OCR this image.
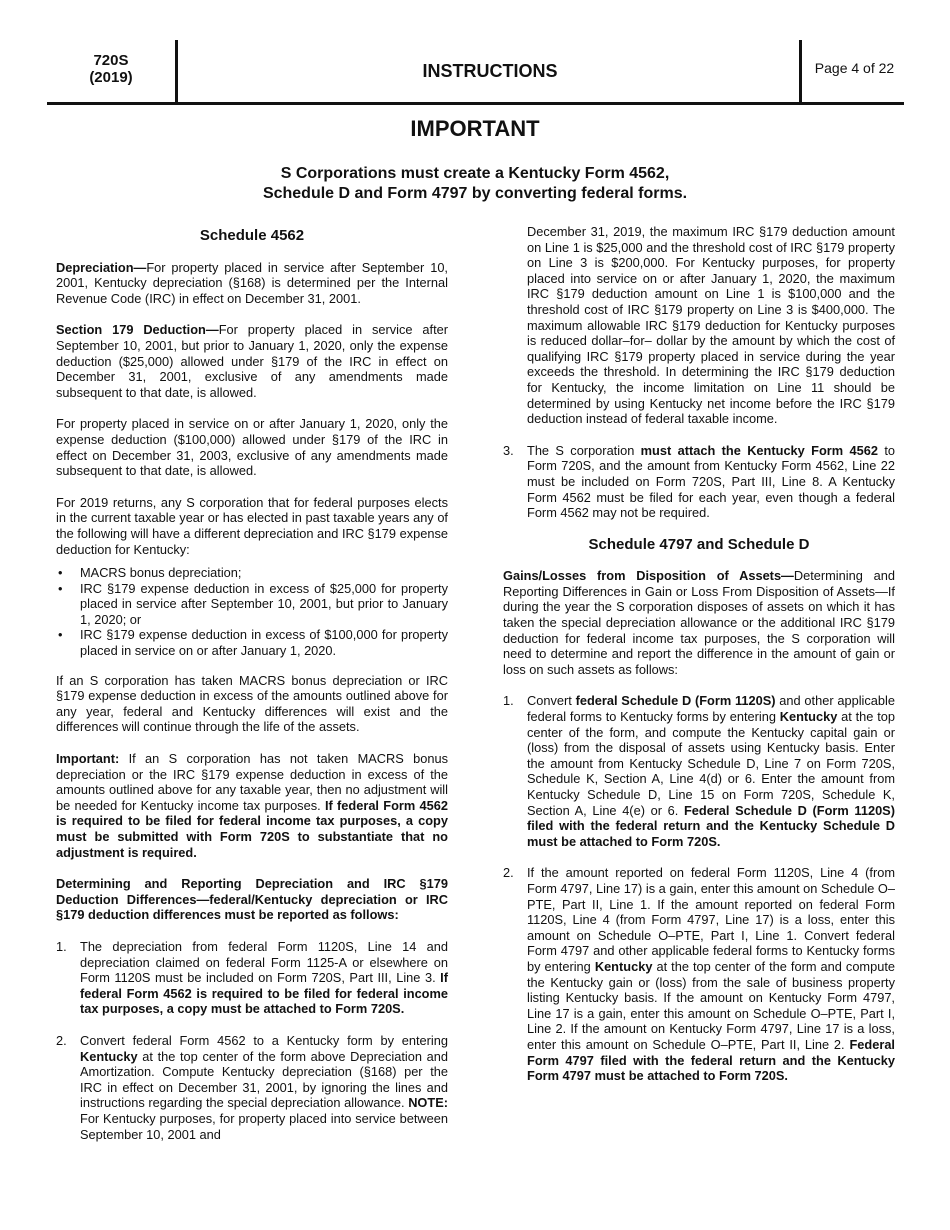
720S
(2019)	INSTRUCTIONS	Page 4 of 22
IMPORTANT
S Corporations must create a Kentucky Form 4562,
Schedule D and Form 4797 by converting federal forms.
Schedule 4562

Depreciation—For property placed in service after September 10, 2001, Kentucky depreciation (§168) is determined per the Internal Revenue Code (IRC) in effect on December 31, 2001.

Section 179 Deduction—For property placed in service after September 10, 2001, but prior to January 1, 2020, only the expense deduction ($25,000) allowed under §179 of the IRC in effect on December 31, 2001, exclusive of any amendments made subsequent to that date, is allowed.

For property placed in service on or after January 1, 2020, only the expense deduction ($100,000) allowed under §179 of the IRC in effect on December 31, 2003, exclusive of any amendments made subsequent to that date, is allowed.

For 2019 returns, any S corporation that for federal purposes elects in the current taxable year or has elected in past taxable years any of the following will have a different depreciation and IRC §179 expense deduction for Kentucky:

• MACRS bonus depreciation;
• IRC §179 expense deduction in excess of $25,000 for property placed in service after September 10, 2001, but prior to January 1, 2020; or
• IRC §179 expense deduction in excess of $100,000 for property placed in service on or after January 1, 2020.

If an S corporation has taken MACRS bonus depreciation or IRC §179 expense deduction in excess of the amounts outlined above for any year, federal and Kentucky differences will exist and the differences will continue through the life of the assets.

Important: If an S corporation has not taken MACRS bonus depreciation or the IRC §179 expense deduction in excess of the amounts outlined above for any taxable year, then no adjustment will be needed for Kentucky income tax purposes. If federal Form 4562 is required to be filed for federal income tax purposes, a copy must be submitted with Form 720S to substantiate that no adjustment is required.

Determining and Reporting Depreciation and IRC §179 Deduction Differences—federal/Kentucky depreciation or IRC §179 deduction differences must be reported as follows:

1. The depreciation from federal Form 1120S, Line 14 and depreciation claimed on federal Form 1125-A or elsewhere on Form 1120S must be included on Form 720S, Part III, Line 3. If federal Form 4562 is required to be filed for federal income tax purposes, a copy must be attached to Form 720S.
2. Convert federal Form 4562 to a Kentucky form by entering Kentucky at the top center of the form above Depreciation and Amortization. Compute Kentucky depreciation (§168) per the IRC in effect on December 31, 2001, by ignoring the lines and instructions regarding the special depreciation allowance. NOTE: For Kentucky purposes, for property placed into service between September 10, 2001 and
December 31, 2019, the maximum IRC §179 deduction amount on Line 1 is $25,000 and the threshold cost of IRC §179 property on Line 3 is $200,000. For Kentucky purposes, for property placed into service on or after January 1, 2020, the maximum IRC §179 deduction amount on Line 1 is $100,000 and the threshold cost of IRC §179 property on Line 3 is $400,000. The maximum allowable IRC §179 deduction for Kentucky purposes is reduced dollar–for– dollar by the amount by which the cost of qualifying IRC §179 property placed in service during the year exceeds the threshold. In determining the IRC §179 deduction for Kentucky, the income limitation on Line 11 should be determined by using Kentucky net income before the IRC §179 deduction instead of federal taxable income.
3. The S corporation must attach the Kentucky Form 4562 to Form 720S, and the amount from Kentucky Form 4562, Line 22 must be included on Form 720S, Part III, Line 8. A Kentucky Form 4562 must be filed for each year, even though a federal Form 4562 may not be required.
Schedule 4797 and Schedule D

Gains/Losses from Disposition of Assets—Determining and Reporting Differences in Gain or Loss From Disposition of Assets—If during the year the S corporation disposes of assets on which it has taken the special depreciation allowance or the additional IRC §179 deduction for federal income tax purposes, the S corporation will need to determine and report the difference in the amount of gain or loss on such assets as follows:

1. Convert federal Schedule D (Form 1120S) and other applicable federal forms to Kentucky forms by entering Kentucky at the top center of the form, and compute the Kentucky capital gain or (loss) from the disposal of assets using Kentucky basis. Enter the amount from Kentucky Schedule D, Line 7 on Form 720S, Schedule K, Section A, Line 4(d) or 6. Enter the amount from Kentucky Schedule D, Line 15 on Form 720S, Schedule K, Section A, Line 4(e) or 6. Federal Schedule D (Form 1120S) filed with the federal return and the Kentucky Schedule D must be attached to Form 720S.
2. If the amount reported on federal Form 1120S, Line 4 (from Form 4797, Line 17) is a gain, enter this amount on Schedule O–PTE, Part II, Line 1. If the amount reported on federal Form 1120S, Line 4 (from Form 4797, Line 17) is a loss, enter this amount on Schedule O–PTE, Part I, Line 1. Convert federal Form 4797 and other applicable federal forms to Kentucky forms by entering Kentucky at the top center of the form and compute the Kentucky gain or (loss) from the sale of business property listing Kentucky basis. If the amount on Kentucky Form 4797, Line 17 is a gain, enter this amount on Schedule O–PTE, Part I, Line 2. If the amount on Kentucky Form 4797, Line 17 is a loss, enter this amount on Schedule O–PTE, Part II, Line 2. Federal Form 4797 filed with the federal return and the Kentucky Form 4797 must be attached to Form 720S.
